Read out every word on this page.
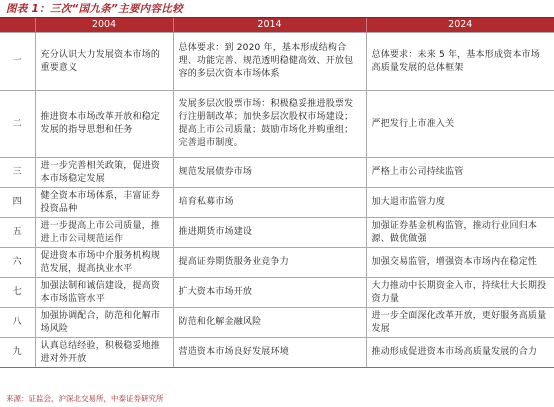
图表 1：三次“国九条”主要内容比较
	2004	2014	2024
一	充分认识大力发展资本市场的重要意义	总体要求：到 2020 年，基本形成结构合理、功能完善、规范透明稳健高效、开放包容的多层次资本市场体系	总体要求：未来 5 年，基本形成资本市场高质量发展的总体框架
二	推进资本市场改革开放和稳定发展的指导思想和任务	发展多层次股票市场：积极稳妥推进股票发行注册制改革；加快多层次股权市场建设；提高上市公司质量；鼓励市场化并购重组；完善退市制度。	严把发行上市准入关
三	进一步完善相关政策，促进资本市场稳定发展	规范发展债券市场	严格上市公司持续监管
四	健全资本市场体系，丰富证券投资品种	培育私募市场	加大退市监管力度
五	进一步提高上市公司质量，推进上市公司规范运作	推进期货市场建设	加强证券基金机构监管，推动行业回归本源、做优做强
六	促进资本市场中介服务机构规范发展，提高执业水平	提高证券期货服务业竞争力	加强交易监管，增强资本市场内在稳定性
七	加强法制和诚信建设，提高资本市场监管水平	扩大资本市场开放	大力推动中长期资金入市，持续壮大长期投资力量
八	加强协调配合，防范和化解市场风险	防范和化解金融风险	进一步全面深化改革开放，更好服务高质量发展
九	认真总结经验，积极稳妥地推进对外开放	营造资本市场良好发展环境	推动形成促进资本市场高质量发展的合力
来源：证监会，沪深北交易所，中泰证券研究所
